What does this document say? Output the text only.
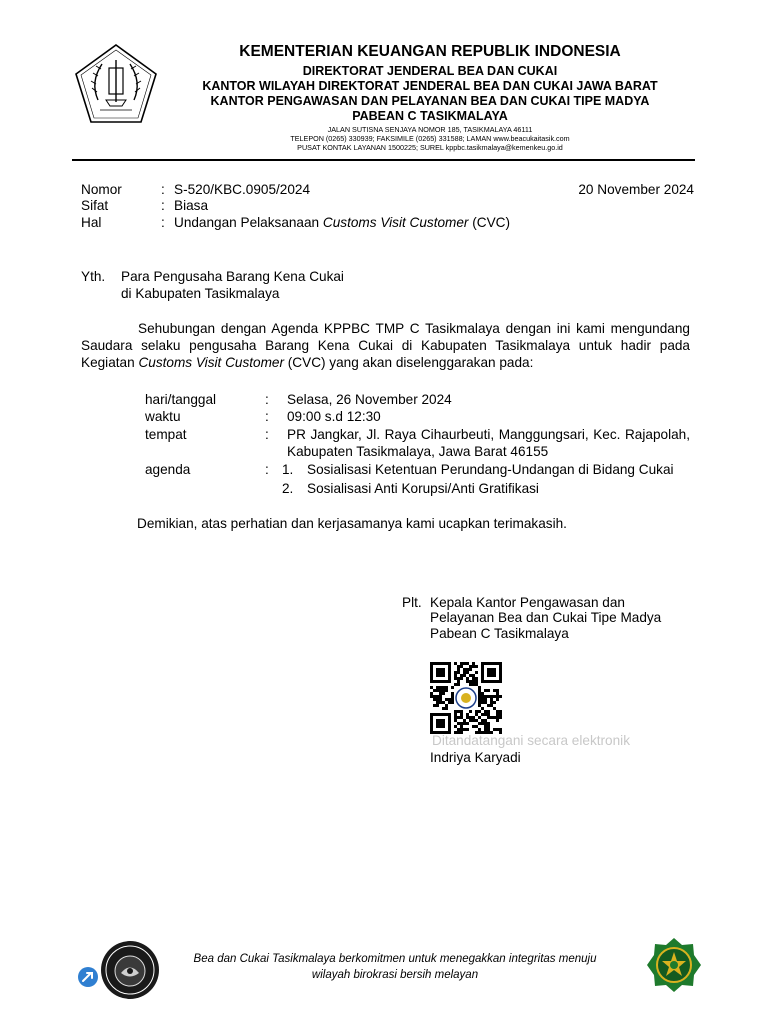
KEMENTERIAN KEUANGAN REPUBLIK INDONESIA
DIREKTORAT JENDERAL BEA DAN CUKAI
KANTOR WILAYAH DIREKTORAT JENDERAL BEA DAN CUKAI JAWA BARAT
KANTOR PENGAWASAN DAN PELAYANAN BEA DAN CUKAI TIPE MADYA
PABEAN C TASIKMALAYA
JALAN SUTISNA SENJAYA NOMOR 185, TASIKMALAYA 46111
TELEPON (0265) 330939; FAKSIMILE (0265) 331588; LAMAN www.beacukaitasik.com
PUSAT KONTAK LAYANAN 1500225; SUREL kppbc.tasikmalaya@kemenkeu.go.id
Nomor	: S-520/KBC.0905/2024	20 November 2024
Sifat	: Biasa
Hal	: Undangan Pelaksanaan Customs Visit Customer (CVC)
Yth. Para Pengusaha Barang Kena Cukai
di Kabupaten Tasikmalaya
Sehubungan dengan Agenda KPPBC TMP C Tasikmalaya dengan ini kami mengundang Saudara selaku pengusaha Barang Kena Cukai di Kabupaten Tasikmalaya untuk hadir pada
Kegiatan Customs Visit Customer (CVC) yang akan diselenggarakan pada:
hari/tanggal	: Selasa, 26 November 2024
waktu	: 09:00 s.d 12:30
tempat	: PR Jangkar, Jl. Raya Cihaurbeuti, Manggungsari, Kec. Rajapolah, Kabupaten Tasikmalaya, Jawa Barat 46155
agenda	: 1. Sosialisasi Ketentuan Perundang-Undangan di Bidang Cukai
2. Sosialisasi Anti Korupsi/Anti Gratifikasi
Demikian, atas perhatian dan kerjasamanya kami ucapkan terimakasih.
Plt. Kepala Kantor Pengawasan dan
Pelayanan Bea dan Cukai Tipe Madya
Pabean C Tasikmalaya
Ditandatangani secara elektronik
Indriya Karyadi
Bea dan Cukai Tasikmalaya berkomitmen untuk menegakkan integritas menuju
wilayah birokrasi bersih melayan
